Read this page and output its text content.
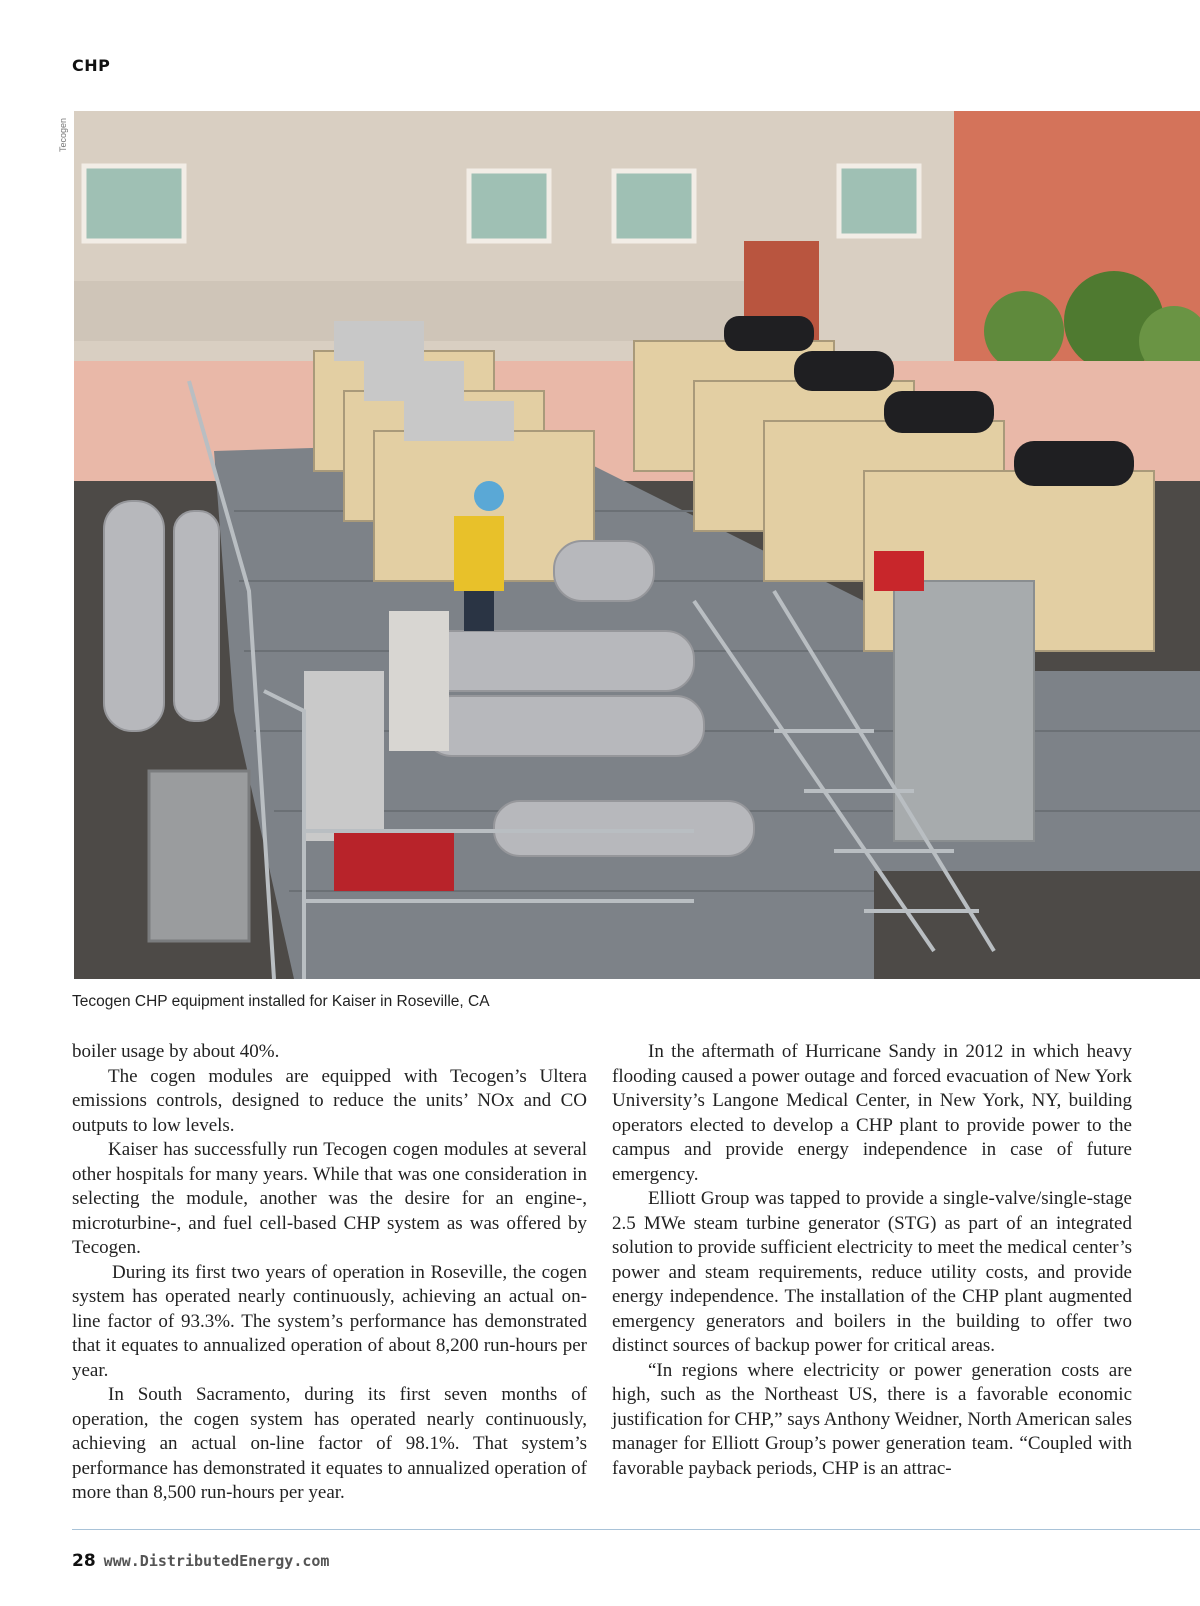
CHP
Tecogen
Tecogen CHP equipment installed for Kaiser in Roseville, CA

boiler usage by about 40%.

The cogen modules are equipped with Tecogen’s Ultera emissions controls, designed to reduce the units’ NOx and CO outputs to low levels.

Kaiser has successfully run Tecogen cogen modules at several other hospitals for many years. While that was one consideration in selecting the module, another was the desire for an engine-, microturbine-, and fuel cell-based CHP system as was offered by Tecogen.

During its first two years of operation in Roseville, the cogen system has operated nearly continuously, achieving an actual on-line factor of 93.3%. The system’s performance has demonstrated that it equates to annualized operation of about 8,200 run-hours per year.

In South Sacramento, during its first seven months of operation, the cogen system has operated nearly continuously, achieving an actual on-line factor of 98.1%. That system’s performance has demonstrated it equates to annualized operation of more than 8,500 run-hours per year.

In the aftermath of Hurricane Sandy in 2012 in which heavy flooding caused a power outage and forced evacuation of New York University’s Langone Medical Center, in New York, NY, building operators elected to develop a CHP plant to provide power to the campus and provide energy independence in case of future emergency.

Elliott Group was tapped to provide a single-valve/single-stage 2.5 MWe steam turbine generator (STG) as part of an integrated solution to provide sufficient electricity to meet the medical center’s power and steam requirements, reduce utility costs, and provide energy independence. The installation of the CHP plant augmented emergency generators and boilers in the building to offer two distinct sources of backup power for critical areas.

“In regions where electricity or power generation costs are high, such as the Northeast US, there is a favorable economic justification for CHP,” says Anthony Weidner, North American sales manager for Elliott Group’s power generation team. “Coupled with favorable payback periods, CHP is an attrac-

28 www.DistributedEnergy.com
